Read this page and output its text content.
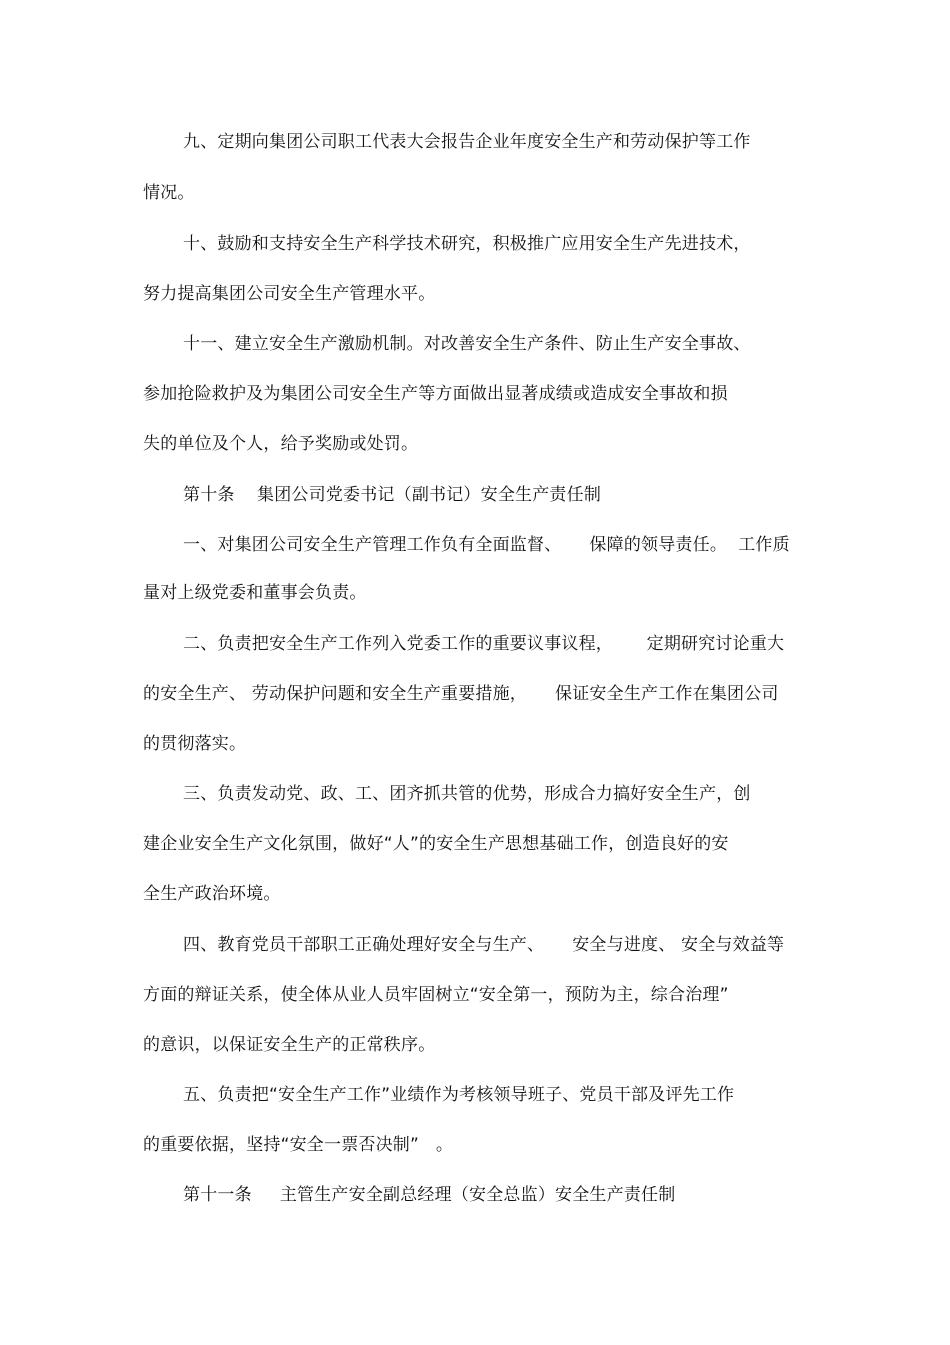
九、定期向集团公司职工代表大会报告企业年度安全生产和劳动保护等工作
情况。
十、鼓励和支持安全生产科学技术研究，积极推广应用安全生产先进技术，
努力提高集团公司安全生产管理水平。
十一、建立安全生产激励机制。对改善安全生产条件、防止生产安全事故、
参加抢险救护及为集团公司安全生产等方面做出显著成绩或造成安全事故和损
失的单位及个人，给予奖励或处罚。
第十条    集团公司党委书记（副书记）安全生产责任制
一、对集团公司安全生产管理工作负有全面监督、     保障的领导责任。  工作质
量对上级党委和董事会负责。
二、负责把安全生产工作列入党委工作的重要议事议程，      定期研究讨论重大
的安全生产、 劳动保护问题和安全生产重要措施，     保证安全生产工作在集团公司
的贯彻落实。
三、负责发动党、政、工、团齐抓共管的优势，形成合力搞好安全生产，创
建企业安全生产文化氛围，做好“人”的安全生产思想基础工作，创造良好的安
全生产政治环境。
四、教育党员干部职工正确处理好安全与生产、     安全与进度、 安全与效益等
方面的辩证关系，使全体从业人员牢固树立“安全第一，预防为主，综合治理”
的意识，以保证安全生产的正常秩序。
五、负责把“安全生产工作”业绩作为考核领导班子、党员干部及评先工作
的重要依据，坚持“安全一票否决制”   。
第十一条     主管生产安全副总经理（安全总监）安全生产责任制
